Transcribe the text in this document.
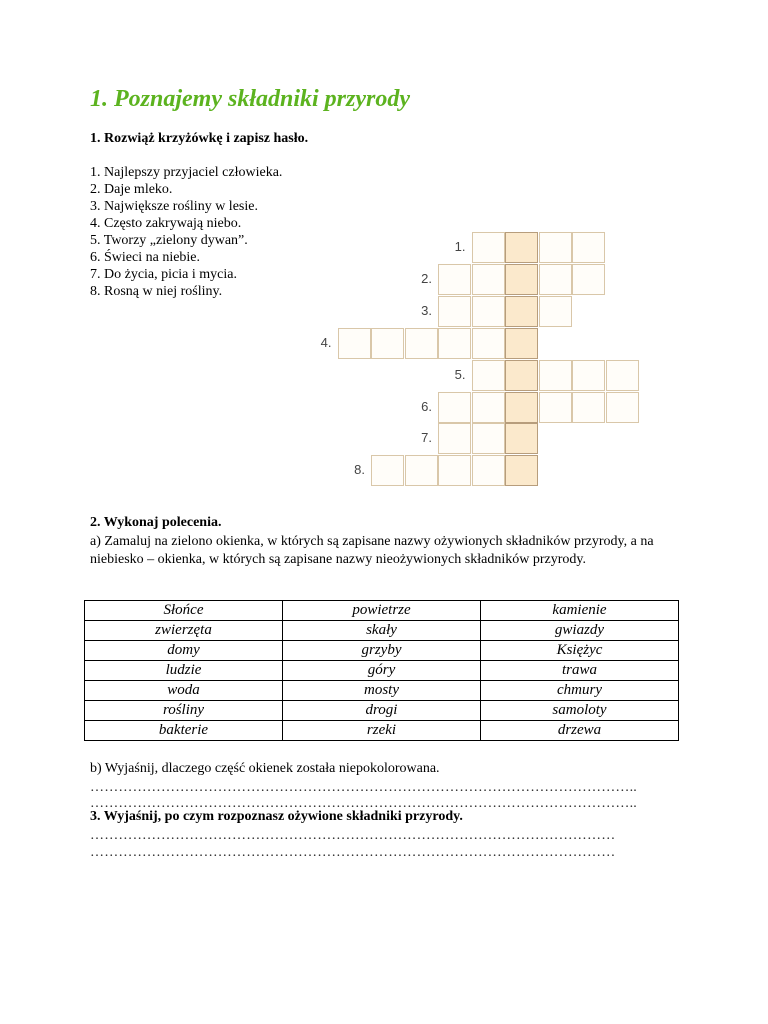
1. Poznajemy składniki przyrody

1. Rozwiąż krzyżówkę i zapisz hasło.

1. Najlepszy przyjaciel człowieka.
2. Daje mleko.
3. Największe rośliny w lesie.
4. Często zakrywają niebo.
5. Tworzy „zielony dywan”.
6. Świeci na niebie.
7. Do życia, picia i mycia.
8. Rosną w niej rośliny.
1.
2.
3.
4.
5.
6.
7.
8.

2. Wykonaj polecenia.

a) Zamaluj na zielono okienka, w których są zapisane nazwy ożywionych składników przyrody, a na niebiesko – okienka, w których są zapisane nazwy nieożywionych składników przyrody.

Słońce	powietrze	kamienie
zwierzęta	skały	gwiazdy
domy	grzyby	Księżyc
ludzie	góry	trawa
woda	mosty	chmury
rośliny	drogi	samoloty
bakterie	rzeki	drzewa

b) Wyjaśnij, dlaczego część okienek została niepokolorowana.

……………………………………………………………………………………………………..
……………………………………………………………………………………………………..

3. Wyjaśnij, po czym rozpoznasz ożywione składniki przyrody.

…………………………………………………………………………………………………
…………………………………………………………………………………………………
